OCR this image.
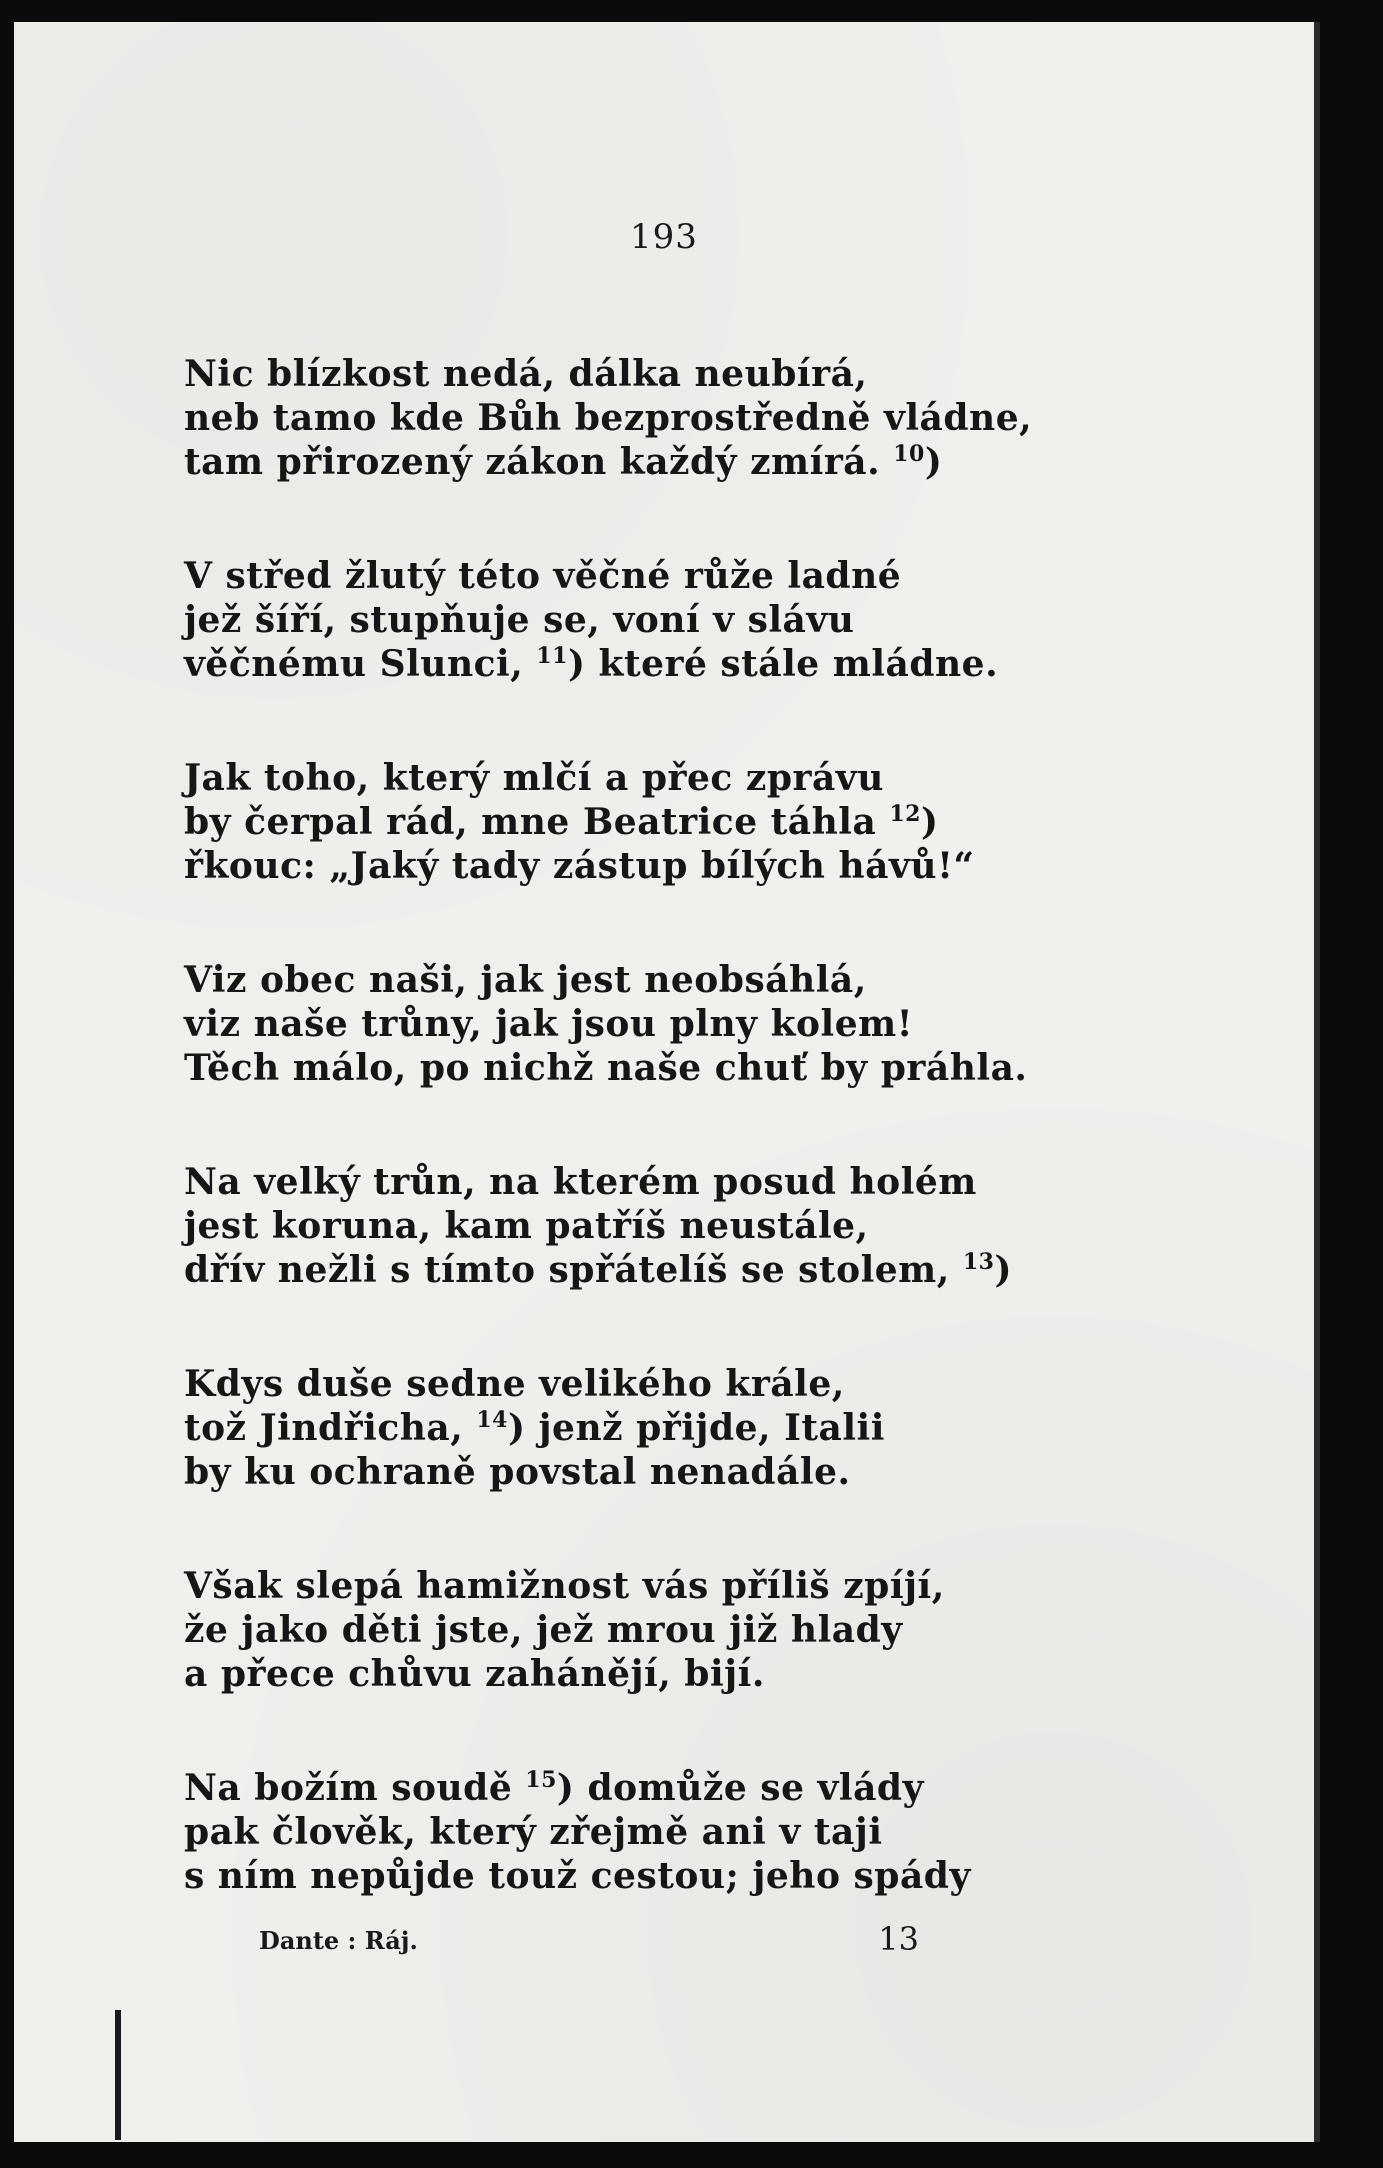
193
Nic blízkost nedá, dálka neubírá,
neb tamo kde Bůh bezprostředně vládne,
tam přirozený zákon každý zmírá. $^{10}$)
V střed žlutý této věčné růže ladné
jež šíří, stupňuje se, voní v slávu
věčnému Slunci, $^{11}$) které stále mládne.
Jak toho, který mlčí a přec zprávu
by čerpal rád, mne Beatrice táhla $^{12}$)
řkouc: „Jaký tady zástup bílých hávů!“
Viz obec naši, jak jest neobsáhlá,
viz naše trůny, jak jsou plny kolem!
Těch málo, po nichž naše chuť by práhla.
Na velký trůn, na kterém posud holém
jest koruna, kam patříš neustále,
dřív nežli s tímto spřátelíš se stolem, $^{13}$)
Kdys duše sedne velikého krále,
tož Jindřicha, $^{14}$) jenž přijde, Italii
by ku ochraně povstal nenadále.
Však slepá hamižnost vás příliš zpíjí,
že jako děti jste, jež mrou již hlady
a přece chůvu zahánějí, bijí.
Na božím soudě $^{15}$) domůže se vlády
pak člověk, který zřejmě ani v taji
s ním nepůjde touž cestou; jeho spády
Dante : Ráj.	13
